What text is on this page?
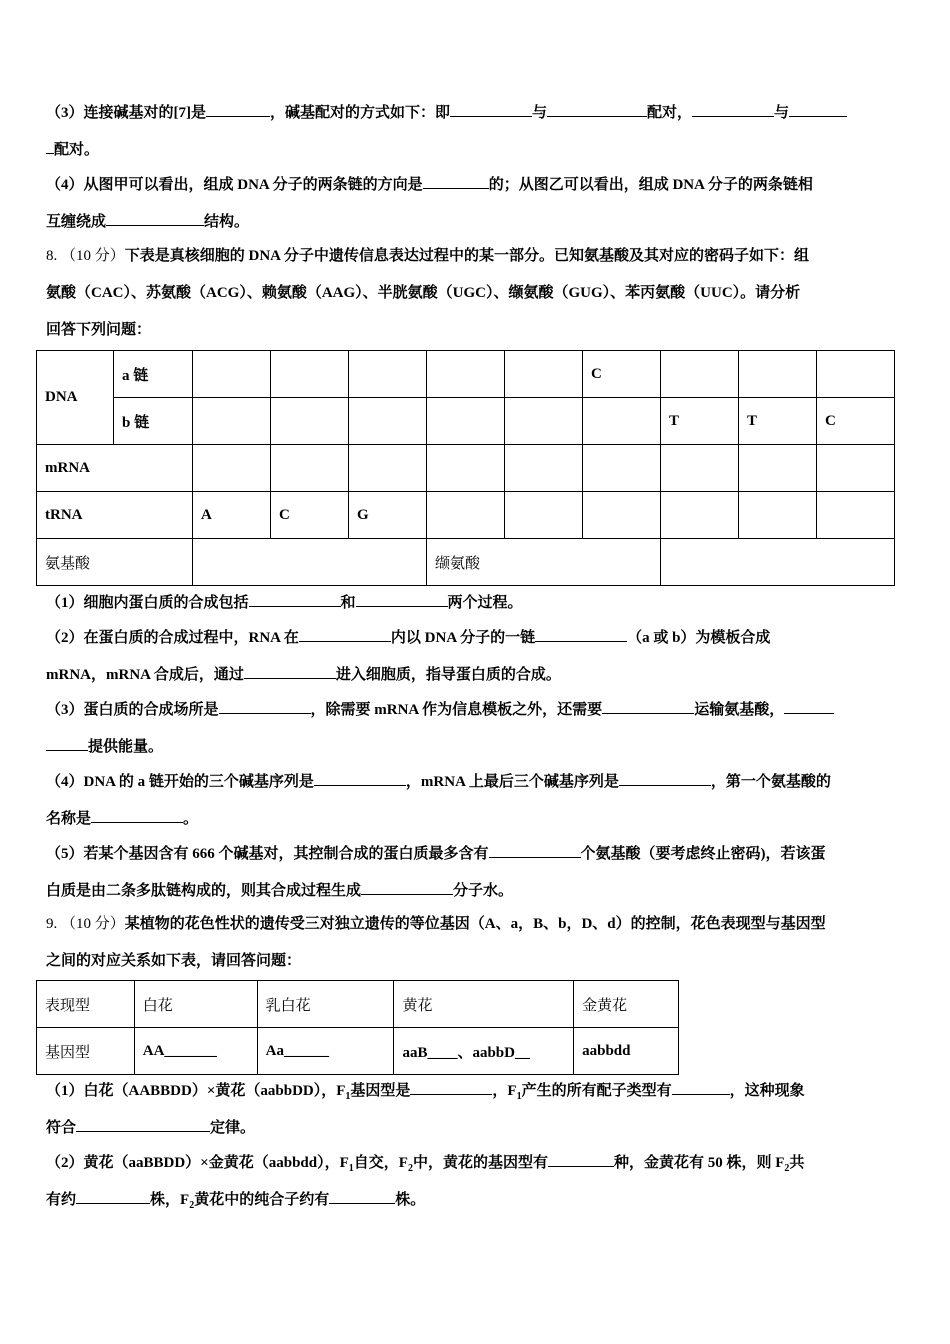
（3）连接碱基对的[7]是	，碱基配对的方式如下：即	与	配对，	与
配对。
（4）从图甲可以看出，组成 DNA 分子的两条链的方向是	的；从图乙可以看出，组成 DNA 分子的两条链相
互缠绕成	结构。
8. （10 分）下表是真核细胞的 DNA 分子中遗传信息表达过程中的某一部分。已知氨基酸及其对应的密码子如下：组
氨酸（CAC）、苏氨酸（ACG）、赖氨酸（AAG）、半胱氨酸（UGC）、缬氨酸（GUG）、苯丙氨酸（UUC）。请分析
回答下列问题：
DNA	a 链						C			
	b 链							T	T	C
mRNA										
tRNA		A	C	G						
氨基酸					缬氨酸					
（1）细胞内蛋白质的合成包括	和	两个过程。
（2）在蛋白质的合成过程中，RNA 在	内以 DNA 分子的一链	（a 或 b）为模板合成
mRNA，mRNA 合成后，通过	进入细胞质，指导蛋白质的合成。
（3）蛋白质的合成场所是	，除需要 mRNA 作为信息模板之外，还需要	运输氨基酸，
提供能量。
（4）DNA 的 a 链开始的三个碱基序列是	，mRNA 上最后三个碱基序列是	，第一个氨基酸的
名称是	。
（5）若某个基因含有 666 个碱基对，其控制合成的蛋白质最多含有	个氨基酸（要考虑终止密码)，若该蛋
白质是由二条多肽链构成的，则其合成过程生成	分子水。
9. （10 分）某植物的花色性状的遗传受三对独立遗传的等位基因（A、a，B、b，D、d）的控制，花色表现型与基因型
之间的对应关系如下表，请回答问题：
表现型	白花	乳白花	黄花	金黄花
基因型	AA_______	Aa______	aaB____、aabbD__	aabbdd
（1）白花（AABBDD）×黄花（aabbDD），$F_1$基因型是	，$F_1$产生的所有配子类型有	，这种现象
符合	定律。
（2）黄花（aaBBDD）×金黄花（aabbdd），$F_1$自交，$F_2$中，黄花的基因型有	种，金黄花有 50 株，则 $F_2$共
有约	株，$F_2$黄花中的纯合子约有	株。
